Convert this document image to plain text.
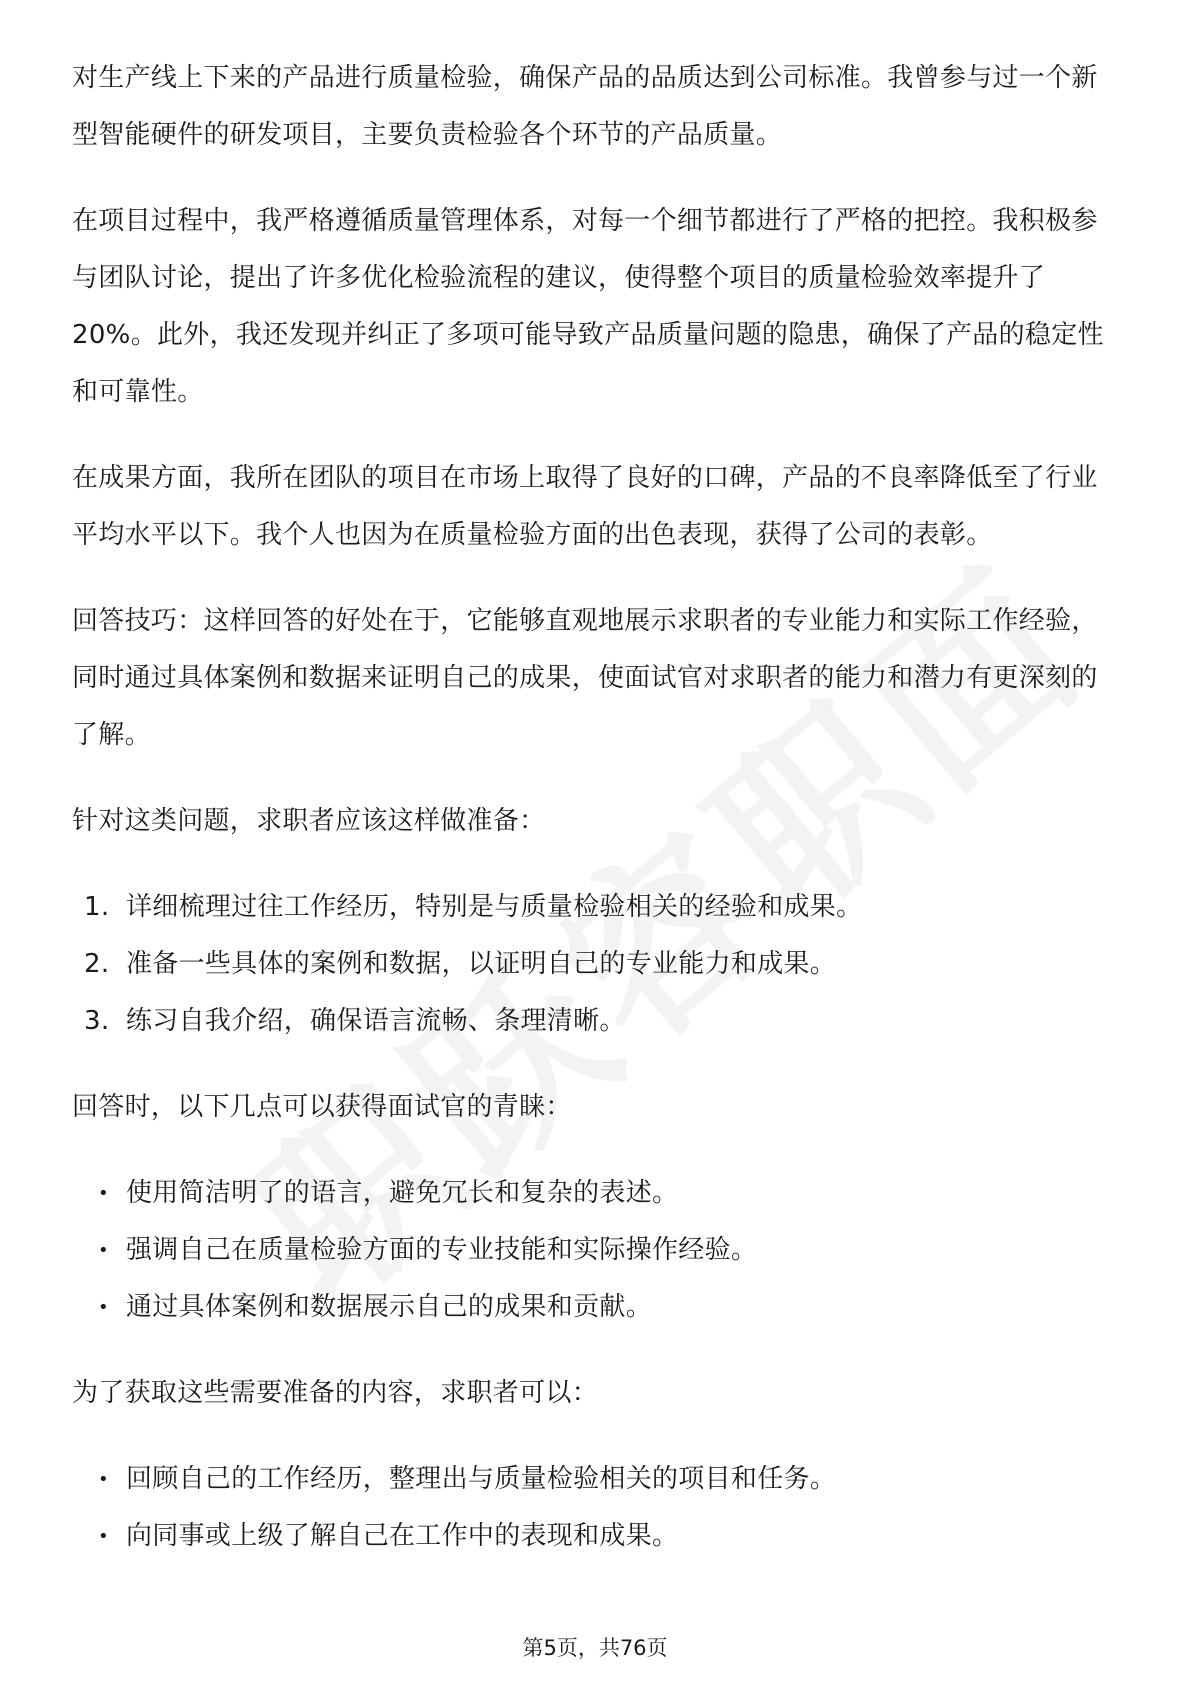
对生产线上下来的产品进行质量检验，确保产品的品质达到公司标准。我曾参与过一个新型智能硬件的研发项目，主要负责检验各个环节的产品质量。

在项目过程中，我严格遵循质量管理体系，对每一个细节都进行了严格的把控。我积极参与团队讨论，提出了许多优化检验流程的建议，使得整个项目的质量检验效率提升了20%。此外，我还发现并纠正了多项可能导致产品质量问题的隐患，确保了产品的稳定性和可靠性。

在成果方面，我所在团队的项目在市场上取得了良好的口碑，产品的不良率降低至了行业平均水平以下。我个人也因为在质量检验方面的出色表现，获得了公司的表彰。

回答技巧：这样回答的好处在于，它能够直观地展示求职者的专业能力和实际工作经验，同时通过具体案例和数据来证明自己的成果，使面试官对求职者的能力和潜力有更深刻的了解。

针对这类问题，求职者应该这样做准备：

1. 详细梳理过往工作经历，特别是与质量检验相关的经验和成果。
2. 准备一些具体的案例和数据，以证明自己的专业能力和成果。
3. 练习自我介绍，确保语言流畅、条理清晰。

回答时，以下几点可以获得面试官的青睐：

• 使用简洁明了的语言，避免冗长和复杂的表述。
• 强调自己在质量检验方面的专业技能和实际操作经验。
• 通过具体案例和数据展示自己的成果和贡献。

为了获取这些需要准备的内容，求职者可以：

• 回顾自己的工作经历，整理出与质量检验相关的项目和任务。
• 向同事或上级了解自己在工作中的表现和成果。
第5页，共76页
